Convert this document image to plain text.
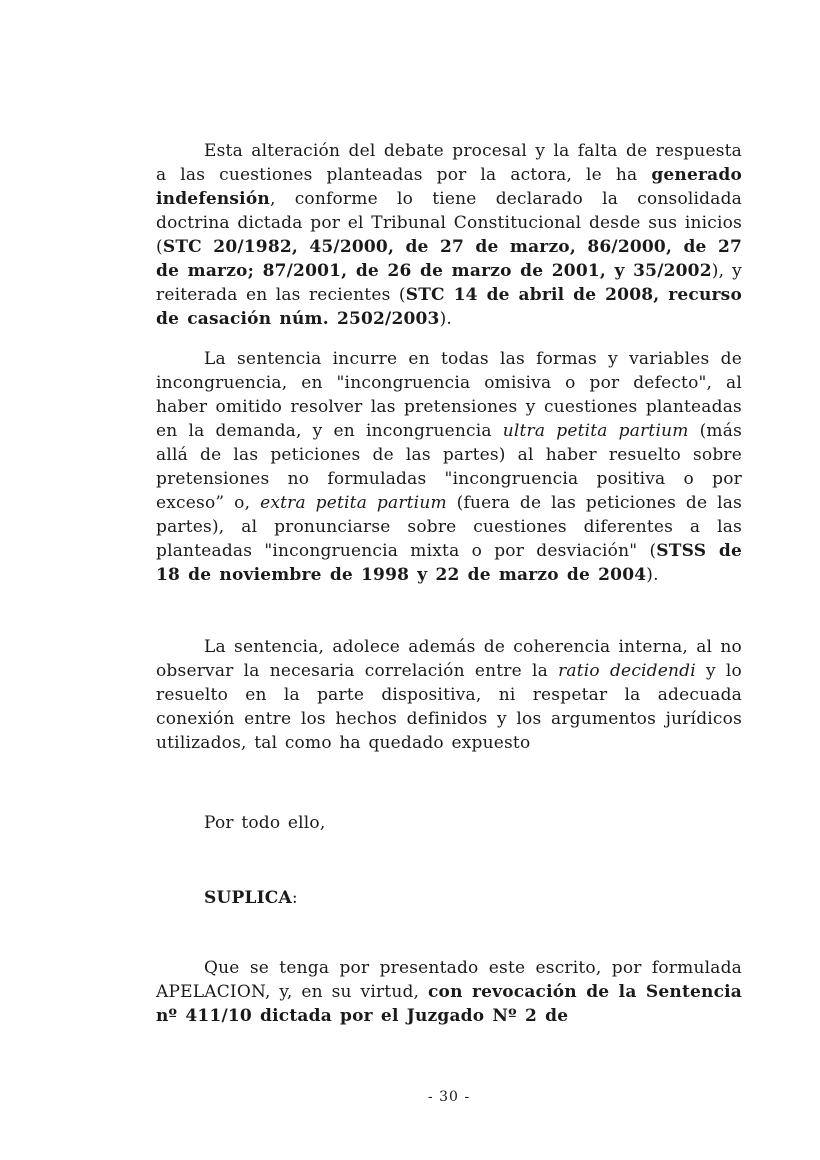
Esta alteración del debate procesal y la falta de respuesta a las cuestiones planteadas por la actora, le ha generado indefensión, conforme lo tiene declarado la consolidada doctrina dictada por el Tribunal Constitucional desde sus inicios (STC 20/1982, 45/2000, de 27 de marzo, 86/2000, de 27 de marzo; 87/2001, de 26 de marzo de 2001, y 35/2002), y reiterada en las recientes (STC 14 de abril de 2008, recurso de casación núm. 2502/2003).

La sentencia incurre en todas las formas y variables de incongruencia, en "incongruencia omisiva o por defecto", al haber omitido resolver las pretensiones y cuestiones planteadas en la demanda, y en incongruencia ultra petita partium (más allá de las peticiones de las partes) al haber resuelto sobre pretensiones no formuladas "incongruencia positiva o por exceso” o, extra petita partium (fuera de las peticiones de las partes), al pronunciarse sobre cuestiones diferentes a las planteadas "incongruencia mixta o por desviación" (STSS de 18 de noviembre de 1998 y 22 de marzo de 2004).

La sentencia, adolece además de coherencia interna, al no observar la necesaria correlación entre la ratio decidendi y lo resuelto en la parte dispositiva, ni respetar la adecuada conexión entre los hechos definidos y los argumentos jurídicos utilizados, tal como ha quedado expuesto

Por todo ello,

SUPLICA:

Que se tenga por presentado este escrito, por formulada APELACION, y, en su virtud, con revocación de la Sentencia nº 411/10 dictada por el Juzgado Nº 2 de

- 30 -
